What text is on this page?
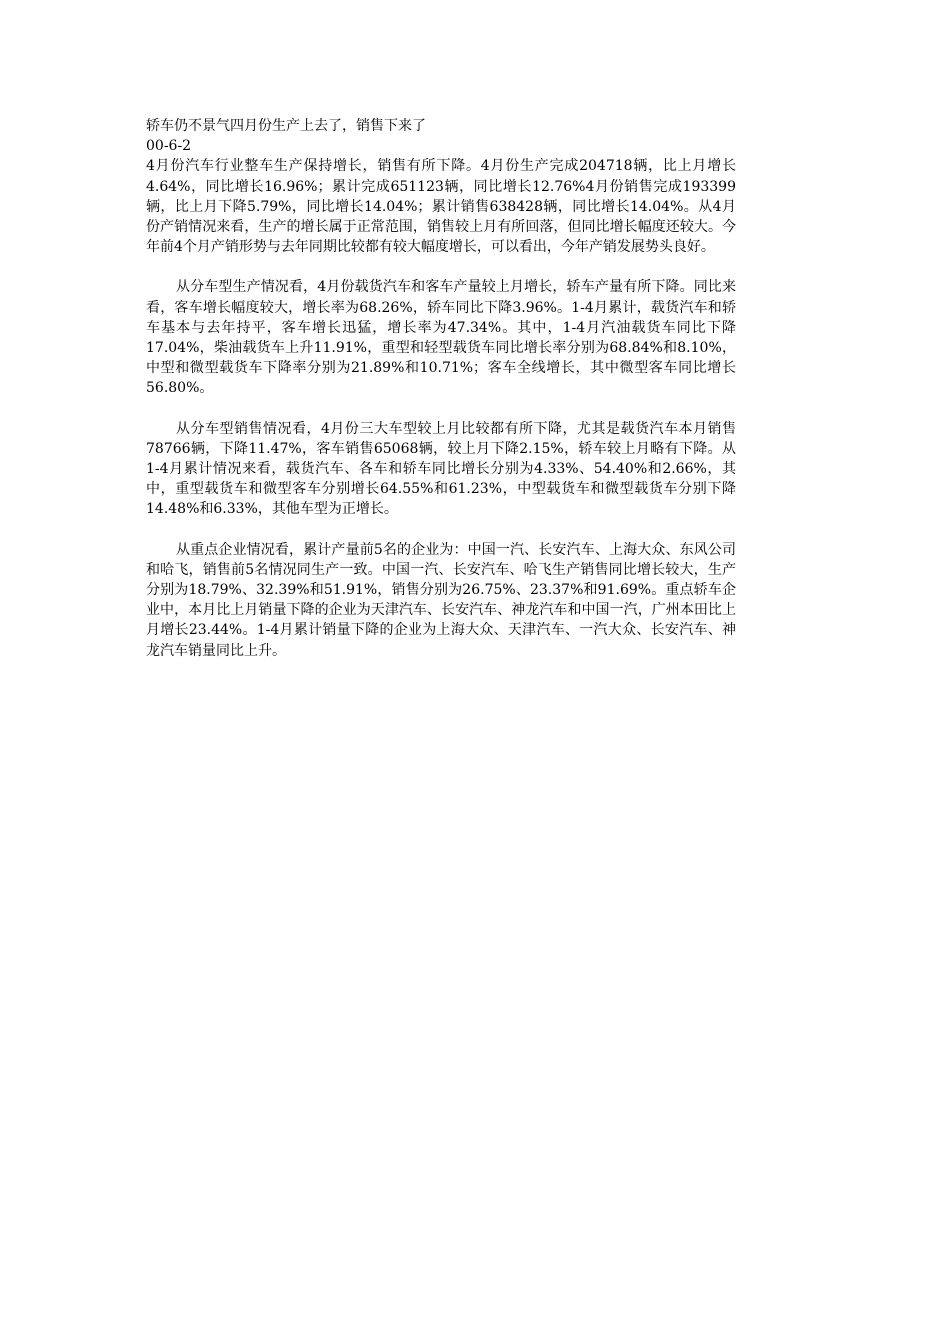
轿车仍不景气四月份生产上去了，销售下来了
00-6-2

4月份汽车行业整车生产保持增长，销售有所下降。4月份生产完成204718辆，比上月增长4.64%，同比增长16.96%；累计完成651123辆，同比增长12.76%4月份销售完成193399辆，比上月下降5.79%，同比增长14.04%；累计销售638428辆，同比增长14.04%。从4月份产销情况来看，生产的增长属于正常范围，销售较上月有所回落，但同比增长幅度还较大。今年前4个月产销形势与去年同期比较都有较大幅度增长，可以看出，今年产销发展势头良好。

从分车型生产情况看，4月份载货汽车和客车产量较上月增长，轿车产量有所下降。同比来看，客车增长幅度较大，增长率为68.26%，轿车同比下降3.96%。1-4月累计，载货汽车和轿车基本与去年持平，客车增长迅猛，增长率为47.34%。其中，1-4月汽油载货车同比下降17.04%，柴油载货车上升11.91%，重型和轻型载货车同比增长率分别为68.84%和8.10%，中型和微型载货车下降率分别为21.89%和10.71%；客车全线增长，其中微型客车同比增长56.80%。

从分车型销售情况看，4月份三大车型较上月比较都有所下降，尤其是载货汽车本月销售78766辆，下降11.47%，客车销售65068辆，较上月下降2.15%，轿车较上月略有下降。从1-4月累计情况来看，载货汽车、各车和轿车同比增长分别为4.33%、54.40%和2.66%，其中，重型载货车和微型客车分别增长64.55%和61.23%，中型载货车和微型载货车分别下降14.48%和6.33%，其他车型为正增长。

从重点企业情况看，累计产量前5名的企业为：中国一汽、长安汽车、上海大众、东风公司和哈飞，销售前5名情况同生产一致。中国一汽、长安汽车、哈飞生产销售同比增长较大，生产分别为18.79%、32.39%和51.91%，销售分别为26.75%、23.37%和91.69%。重点轿车企业中，本月比上月销量下降的企业为天津汽车、长安汽车、神龙汽车和中国一汽，广州本田比上月增长23.44%。1-4月累计销量下降的企业为上海大众、天津汽车、一汽大众、长安汽车、神龙汽车销量同比上升。
